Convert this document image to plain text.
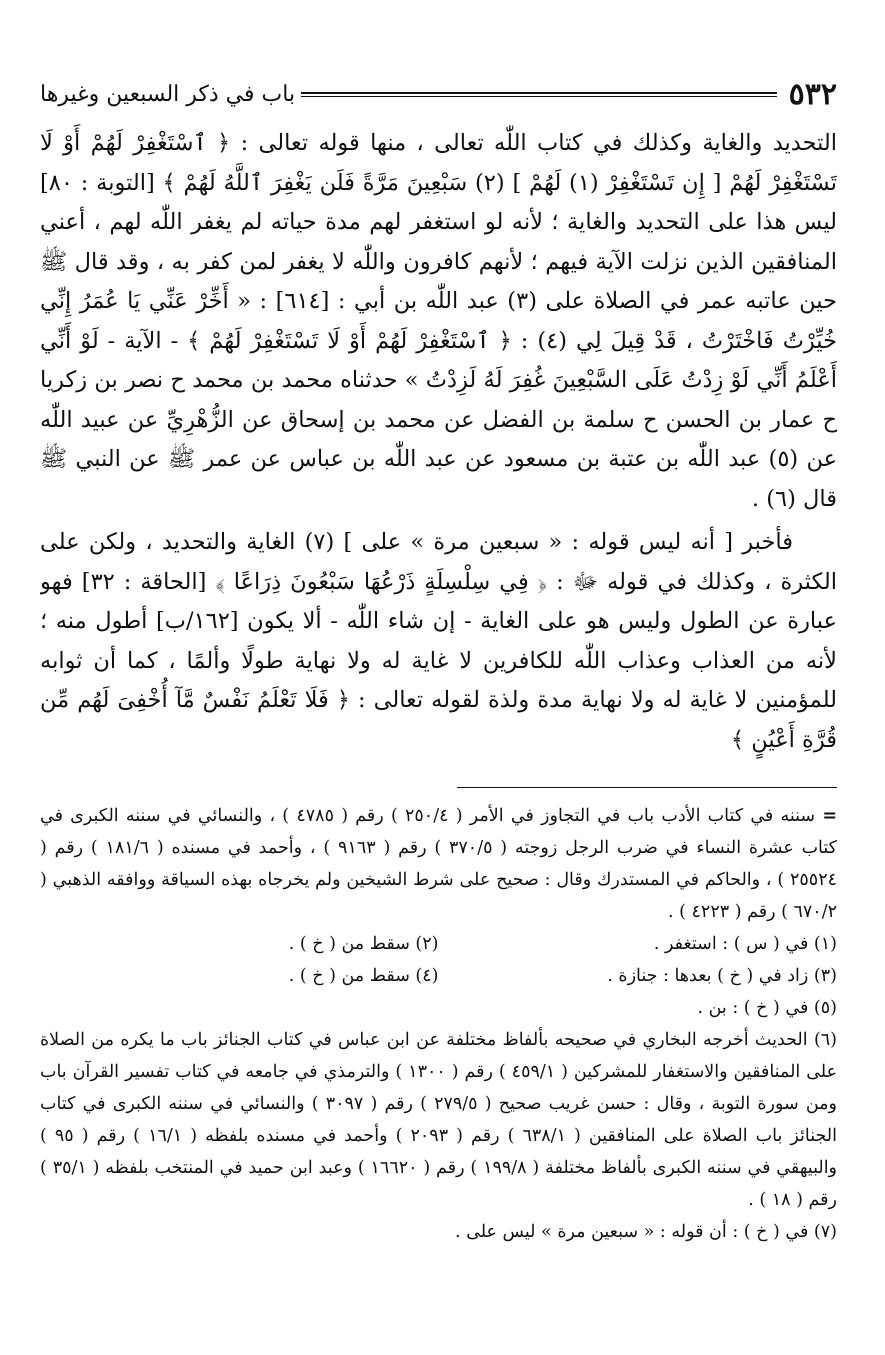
٥٣٢
باب في ذكر السبعين وغيرها

التحديد والغاية وكذلك في كتاب اللّٰه تعالى ، منها قوله تعالى : ﴿ ٱسْتَغْفِرْ لَهُمْ أَوْ لَا تَسْتَغْفِرْ لَهُمْ [ إِن تَسْتَغْفِرْ (١) لَهُمْ ] (٢) سَبْعِينَ مَرَّةً فَلَن يَغْفِرَ ٱللَّهُ لَهُمْ ﴾ [التوبة : ٨٠] ليس هذا على التحديد والغاية ؛ لأنه لو استغفر لهم مدة حياته لم يغفر اللّٰه لهم ، أعني المنافقين الذين نزلت الآية فيهم ؛ لأنهم كافرون واللّٰه لا يغفر لمن كفر به ، وقد قال ﷺ حين عاتبه عمر في الصلاة على (٣) عبد اللّٰه بن أبي : [٦١٤] : « أَخِّرْ عَنِّي يَا عُمَرُ إِنِّي خُيِّرْتُ فَاخْتَرْتُ ، قَدْ قِيلَ لِي (٤) : ﴿ ٱسْتَغْفِرْ لَهُمْ أَوْ لَا تَسْتَغْفِرْ لَهُمْ ﴾ - الآية - لَوْ أَنِّي أَعْلَمُ أَنِّي لَوْ زِدْتُ عَلَى السَّبْعِينَ غُفِرَ لَهُ لَزِدْتُ » حدثناه محمد بن محمد ح نصر بن زكريا ح عمار بن الحسن ح سلمة بن الفضل عن محمد بن إسحاق عن الزُّهْرِيِّ عن عبيد اللّٰه عن (٥) عبد اللّٰه بن عتبة بن مسعود عن عبد اللّٰه بن عباس عن عمر ﷺ عن النبي ﷺ قال (٦) .

فأخبر [ أنه ليس قوله : « سبعين مرة » على ] (٧) الغاية والتحديد ، ولكن على الكثرة ، وكذلك في قوله ﷻ : ﴿ فِي سِلْسِلَةٍ ذَرْعُهَا سَبْعُونَ ذِرَاعًا ﴾ [الحاقة : ٣٢] فهو عبارة عن الطول وليس هو على الغاية - إن شاء اللّٰه - ألا يكون [١٦٢/ب] أطول منه ؛ لأنه من العذاب وعذاب اللّٰه للكافرين لا غاية له ولا نهاية طولًا وألمًا ، كما أن ثوابه للمؤمنين لا غاية له ولا نهاية مدة ولذة لقوله تعالى : ﴿ فَلَا تَعْلَمُ نَفْسٌ مَّآ أُخْفِىَ لَهُم مِّن قُرَّةِ أَعْيُنٍ ﴾

= سننه في كتاب الأدب باب في التجاوز في الأمر ( ٢٥٠/٤ ) رقم ( ٤٧٨٥ ) ، والنسائي في سننه الكبرى في كتاب عشرة النساء في ضرب الرجل زوجته ( ٣٧٠/٥ ) رقم ( ٩١٦٣ ) ، وأحمد في مسنده ( ١٨١/٦ ) رقم ( ٢٥٥٢٤ ) ، والحاكم في المستدرك وقال : صحيح على شرط الشيخين ولم يخرجاه بهذه السياقة ووافقه الذهبي ( ٦٧٠/٢ ) رقم ( ٤٢٢٣ ) .

(١) في ( س ) : استغفر .
(٢) سقط من ( خ ) .
(٣) زاد في ( خ ) بعدها : جنازة .
(٤) سقط من ( خ ) .

(٥) في ( خ ) : بن .

(٦) الحديث أخرجه البخاري في صحيحه بألفاظ مختلفة عن ابن عباس في كتاب الجنائز باب ما يكره من الصلاة على المنافقين والاستغفار للمشركين ( ٤٥٩/١ ) رقم ( ١٣٠٠ ) والترمذي في جامعه في كتاب تفسير القرآن باب ومن سورة التوبة ، وقال : حسن غريب صحيح ( ٢٧٩/٥ ) رقم ( ٣٠٩٧ ) والنسائي في سننه الكبرى في كتاب الجنائز باب الصلاة على المنافقين ( ٦٣٨/١ ) رقم ( ٢٠٩٣ ) وأحمد في مسنده بلفظه ( ١٦/١ ) رقم ( ٩٥ ) والبيهقي في سننه الكبرى بألفاظ مختلفة ( ١٩٩/٨ ) رقم ( ١٦٦٢٠ ) وعبد ابن حميد في المنتخب بلفظه ( ٣٥/١ ) رقم ( ١٨ ) .

(٧) في ( خ ) : أن قوله : « سبعين مرة » ليس على .
